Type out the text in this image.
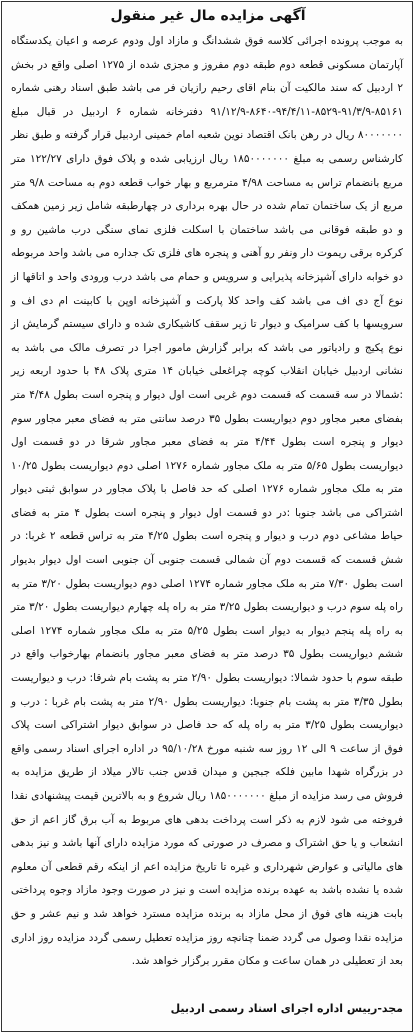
آگهی مزایده مال غیر منقول

به موجب پرونده اجرائی کلاسه فوق ششدانگ و مازاد اول ودوم عرصه و اعیان یکدستگاه آپارتمان مسکونی قطعه دوم طبقه دوم مفروز و مجزی شده از ۱۲۷۵ اصلی واقع در بخش ۲ اردبیل که سند مالکیت آن بنام اقای رحیم رازیان فر می باشد طبق اسناد رهنی شماره ۸۵۱۶۱-۹۱/۳/۹-۸۵۲۹-۹۴/۴/۱۱-۸۶۴۰-۹۱/۱۲/۹ دفترخانه شماره ۶ اردبیل در قبال مبلغ ۸۰۰۰۰۰۰۰ ریال در رهن بانک اقتصاد نوین شعبه امام خمینی اردبیل قرار گرفته و طبق نظر کارشناس رسمی به مبلغ ۱۸۵۰۰۰۰۰۰۰ ریال ارزیابی شده و پلاک فوق دارای ۱۲۲/۲۷ متر مربع بانضمام تراس به مساحت ۴/۹۸ مترمربع و بهار خواب قطعه دوم به مساحت ۹/۸ متر مربع از یک ساختمان تمام شده در حال بهره برداری در چهارطبقه شامل زیر زمین همکف و دو طبقه فوقانی می باشد ساختمان با اسکلت فلزی نمای سنگی درب ماشین رو و کرکره برقی ریموت دار ونفر رو آهنی و پنجره های فلزی تک جداره می باشد واحد مربوطه دو خوابه دارای آشپزخانه پذیرایی و سرویس و حمام می باشد درب ورودی واحد و اتاقها از نوع آج دی اف می باشد کف واحد کلا پارکت و آشپزخانه اوپن با کابینت ام دی اف و سرویسها با کف سرامیک و دیوار تا زیر سقف کاشیکاری شده و دارای سیستم گرمایش از نوع پکیج و رادیاتور می باشد که برابر گزارش مامور اجرا در تصرف مالک می باشد به نشانی اردبیل خیابان انقلاب کوچه چراغعلی خیابان ۱۴ متری پلاک ۴۸ با حدود اربعه زیر :شمالا در سه قسمت که قسمت دوم غربی است اول دیوار و پنجره است بطول ۴/۴۸ متر بفضای معبر مجاور دوم دیواریست بطول ۳۵ درصد سانتی متر به فضای معبر مجاور سوم دیوار و پنجره است بطول ۴/۴۴ متر به فضای معبر مجاور شرقا در دو قسمت اول دیواریست بطول ۵/۶۵ متر به ملک مجاور شماره ۱۲۷۶ اصلی دوم دیواریست بطول ۱۰/۲۵ متر به ملک مجاور شماره ۱۲۷۶ اصلی که حد فاصل با پلاک مجاور در سوابق ثبتی دیوار اشتراکی می باشد جنوبا :در دو قسمت اول دیوار و پنجره است بطول ۴ متر به فضای حیاط مشاعی دوم درب و دیوار و پنجره است بطول ۴/۲۵ متر به تراس قطعه ۲ غربا: در شش قسمت که قسمت دوم آن شمالی قسمت جنوبی آن جنوبی است اول دیوار بدیوار است بطول ۷/۳۰ متر به ملک مجاور شماره ۱۲۷۴ اصلی دوم دیواریست بطول ۳/۲۰ متر به راه پله سوم درب و دیواریست بطول ۳/۲۵ متر به راه پله چهارم دیواریست بطول ۳/۲۰ متر به راه پله پنجم دیوار به دیوار است بطول ۵/۲۵ متر به ملک مجاور شماره ۱۲۷۴ اصلی ششم دیواریست بطول ۳۵ درصد متر به فضای معبر مجاور بانضمام بهارخواب واقع در طبقه سوم با حدود شمالا: دیواریست بطول ۲/۹۰ متر به پشت بام شرقا: درب و دیواریست بطول ۳/۳۵ متر به پشت بام جنوبا: دیواریست بطول ۲/۹۰ متر به پشت بام غربا : درب و دیواریست بطول ۳/۲۵ متر به راه پله که حد فاصل در سوابق دیوار اشتراکی است پلاک فوق از ساعت ۹ الی ۱۲ روز سه شنبه مورخ ۹۵/۱۰/۲۸ در اداره اجرای اسناد رسمی واقع در بزرگراه شهدا مابین فلکه جبجین و میدان قدس جنب تالار میلاد از طریق مزایده به فروش می رسد مزایده از مبلغ ۱۸۵۰۰۰۰۰۰۰ ریال شروع و به بالاترین قیمت پیشنهادی نقدا فروخته می شود لازم به ذکر است پرداخت بدهی های مربوط به آب برق گاز اعم از حق انشعاب و یا حق اشتراک و مصرف در صورتی که مورد مزایده دارای آنها باشد و نیز بدهی های مالیاتی و عوارض شهرداری و غیره تا تاریخ مزایده اعم از اینکه رقم قطعی آن معلوم شده یا نشده باشد به عهده برنده مزایده است و نیز در صورت وجود مازاد وجوه پرداختی بابت هزینه های فوق از محل مازاد به برنده مزایده مسترد خواهد شد و نیم عشر و حق مزایده نقدا وصول می گردد ضمنا چنانچه روز مزایده تعطیل رسمی گردد مزایده روز اداری بعد از تعطیلی در همان ساعت و مکان مقرر برگزار خواهد شد.

مجد-رییس اداره اجرای اسناد رسمی اردبیل
